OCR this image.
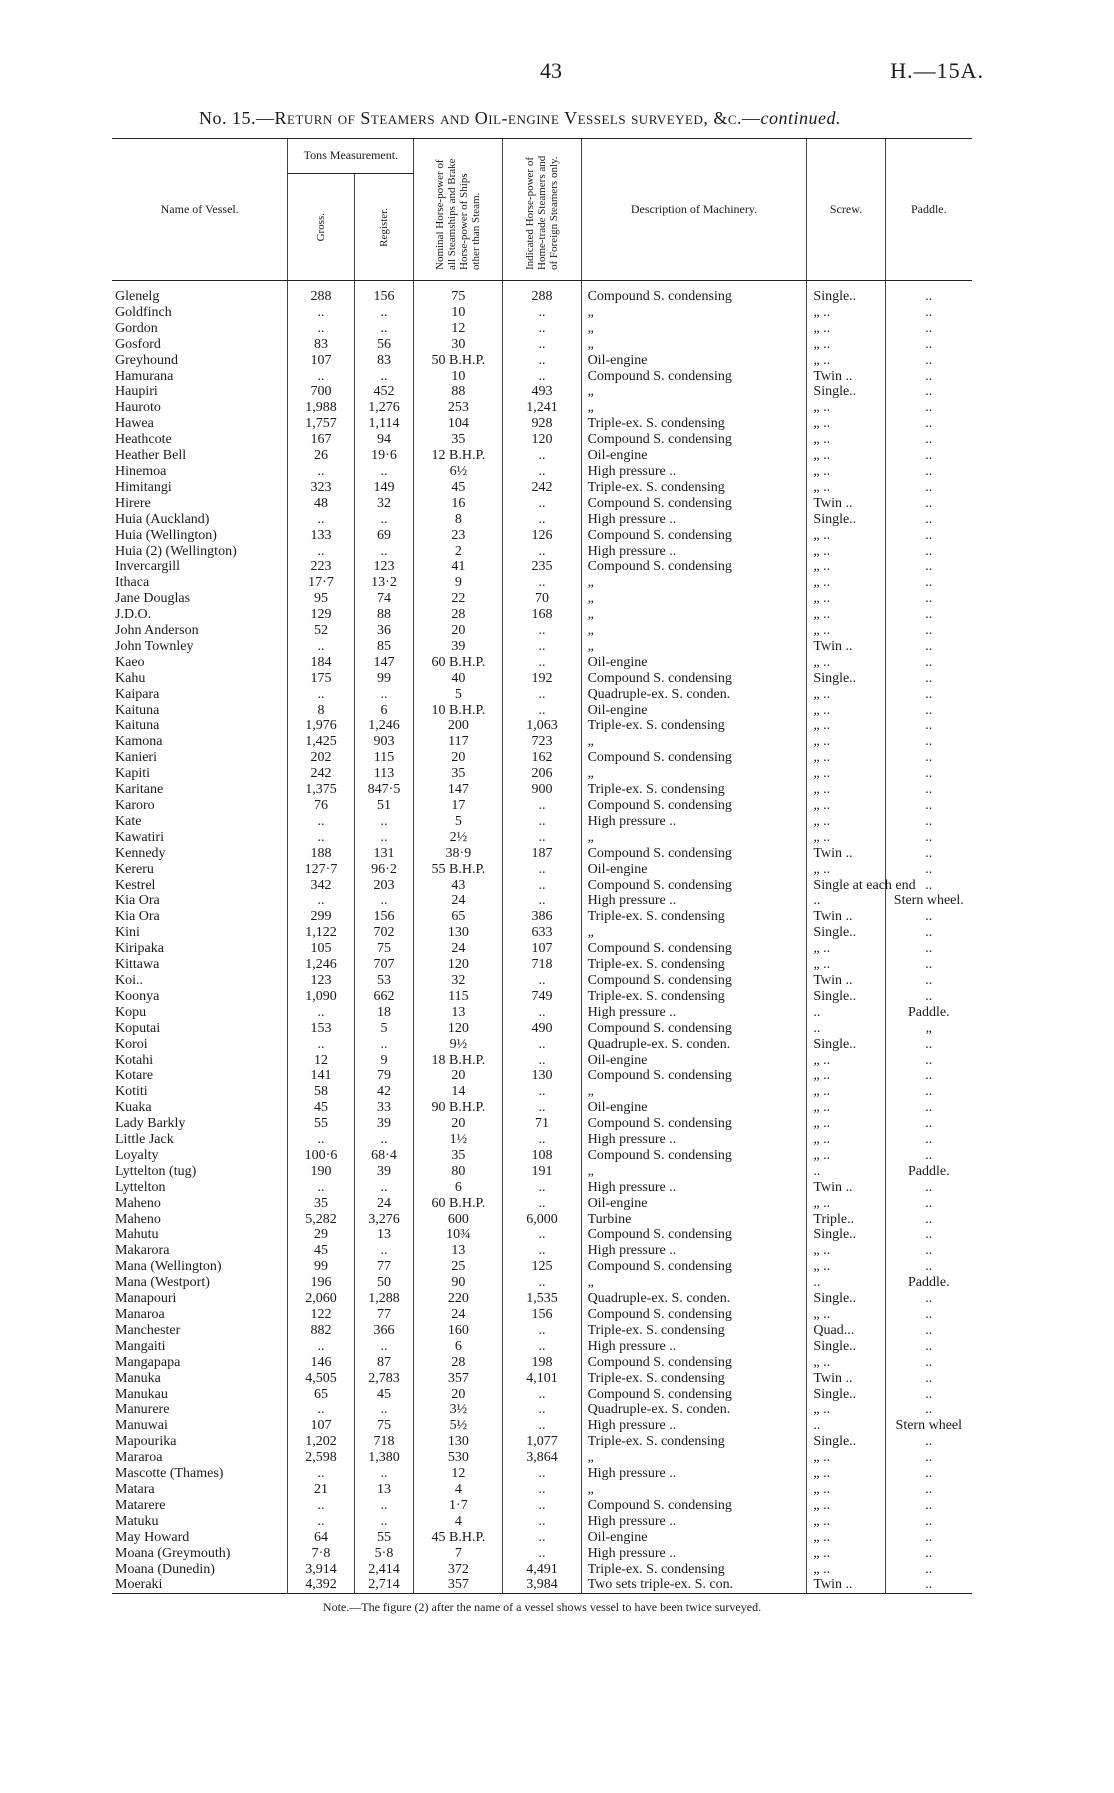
43	H.—15A.
No. 15.—Return of Steamers and Oil-engine Vessels surveyed, &c.—continued.
Name of Vessel.	Tons Measurement.		Nominal Horse-power of all Steamships and Brake Horse-power of Ships other than Steam.	Indicated Horse-power of Home-trade Steamers and of Foreign Steamers only.	Description of Machinery.	Screw.	Paddle.

	Gross.	Register.					

Glenelg	288	156	75	288	Compound S. condensing	Single..	..
Goldfinch	..	..	10	..	„	„ ..	..
Gordon	..	..	12	..	„	„ ..	..
Gosford	83	56	30	..	„	„ ..	..
Greyhound	107	83	50 B.H.P.	..	Oil-engine	„ ..	..
Hamurana	..	..	10	..	Compound S. condensing	Twin ..	..
Haupiri	700	452	88	493	„	Single..	..
Hauroto	1,988	1,276	253	1,241	„	„ ..	..
Hawea	1,757	1,114	104	928	Triple-ex. S. condensing	„ ..	..
Heathcote	167	94	35	120	Compound S. condensing	„ ..	..
Heather Bell	26	19·6	12 B.H.P.	..	Oil-engine	„ ..	..
Hinemoa	..	..	6½	..	High pressure ..	„ ..	..
Himitangi	323	149	45	242	Triple-ex. S. condensing	„ ..	..
Hirere	48	32	16	..	Compound S. condensing	Twin ..	..
Huia (Auckland)	..	..	8	..	High pressure ..	Single..	..
Huia (Wellington)	133	69	23	126	Compound S. condensing	„ ..	..
Huia (2) (Wellington)	..	..	2	..	High pressure ..	„ ..	..
Invercargill	223	123	41	235	Compound S. condensing	„ ..	..
Ithaca	17·7	13·2	9	..	„	„ ..	..
Jane Douglas	95	74	22	70	„	„ ..	..
J.D.O.	129	88	28	168	„	„ ..	..
John Anderson	52	36	20	..	„	„ ..	..
John Townley	..	85	39	..	„	Twin ..	..
Kaeo	184	147	60 B.H.P.	..	Oil-engine	„ ..	..
Kahu	175	99	40	192	Compound S. condensing	Single..	..
Kaipara	..	..	5	..	Quadruple-ex. S. conden.	„ ..	..
Kaituna	8	6	10 B.H.P.	..	Oil-engine	„ ..	..
Kaituna	1,976	1,246	200	1,063	Triple-ex. S. condensing	„ ..	..
Kamona	1,425	903	117	723	„	„ ..	..
Kanieri	202	115	20	162	Compound S. condensing	„ ..	..
Kapiti	242	113	35	206	„	„ ..	..
Karitane	1,375	847·5	147	900	Triple-ex. S. condensing	„ ..	..
Karoro	76	51	17	..	Compound S. condensing	„ ..	..
Kate	..	..	5	..	High pressure ..	„ ..	..
Kawatiri	..	..	2½	..	„	„ ..	..
Kennedy	188	131	38·9	187	Compound S. condensing	Twin ..	..
Kereru	127·7	96·2	55 B.H.P.	..	Oil-engine	„ ..	..
Kestrel	342	203	43	..	Compound S. condensing	Single at each end	..
Kia Ora	..	..	24	..	High pressure ..	..	Stern wheel.
Kia Ora	299	156	65	386	Triple-ex. S. condensing	Twin ..	..
Kini	1,122	702	130	633	„	Single..	..
Kiripaka	105	75	24	107	Compound S. condensing	„ ..	..
Kittawa	1,246	707	120	718	Triple-ex. S. condensing	„ ..	..
Koi..	123	53	32	..	Compound S. condensing	Twin ..	..
Koonya	1,090	662	115	749	Triple-ex. S. condensing	Single..	..
Kopu	..	18	13	..	High pressure ..	..	Paddle.
Koputai	153	5	120	490	Compound S. condensing	..	„
Koroi	..	..	9½	..	Quadruple-ex. S. conden.	Single..	..
Kotahi	12	9	18 B.H.P.	..	Oil-engine	„ ..	..
Kotare	141	79	20	130	Compound S. condensing	„ ..	..
Kotiti	58	42	14	..	„	„ ..	..
Kuaka	45	33	90 B.H.P.	..	Oil-engine	„ ..	..
Lady Barkly	55	39	20	71	Compound S. condensing	„ ..	..
Little Jack	..	..	1½	..	High pressure ..	„ ..	..
Loyalty	100·6	68·4	35	108	Compound S. condensing	„ ..	..
Lyttelton (tug)	190	39	80	191	„	..	Paddle.
Lyttelton	..	..	6	..	High pressure ..	Twin ..	..
Maheno	35	24	60 B.H.P.	..	Oil-engine	„ ..	..
Maheno	5,282	3,276	600	6,000	Turbine	Triple..	..
Mahutu	29	13	10¾	..	Compound S. condensing	Single..	..
Makarora	45	..	13	..	High pressure ..	„ ..	..
Mana (Wellington)	99	77	25	125	Compound S. condensing	„ ..	..
Mana (Westport)	196	50	90	..	„	..	Paddle.
Manapouri	2,060	1,288	220	1,535	Quadruple-ex. S. conden.	Single..	..
Manaroa	122	77	24	156	Compound S. condensing	„ ..	..
Manchester	882	366	160	..	Triple-ex. S. condensing	Quad...	..
Mangaiti	..	..	6	..	High pressure ..	Single..	..
Mangapapa	146	87	28	198	Compound S. condensing	„ ..	..
Manuka	4,505	2,783	357	4,101	Triple-ex. S. condensing	Twin ..	..
Manukau	65	45	20	..	Compound S. condensing	Single..	..
Manurere	..	..	3½	..	Quadruple-ex. S. conden.	„ ..	..
Manuwai	107	75	5½	..	High pressure ..	..	Stern wheel
Mapourika	1,202	718	130	1,077	Triple-ex. S. condensing	Single..	..
Mararoa	2,598	1,380	530	3,864	„	„ ..	..
Mascotte (Thames)	..	..	12	..	High pressure ..	„ ..	..
Matara	21	13	4	..	„	„ ..	..
Matarere	..	..	1·7	..	Compound S. condensing	„ ..	..
Matuku	..	..	4	..	High pressure ..	„ ..	..
May Howard	64	55	45 B.H.P.	..	Oil-engine	„ ..	..
Moana (Greymouth)	7·8	5·8	7	..	High pressure ..	„ ..	..
Moana (Dunedin)	3,914	2,414	372	4,491	Triple-ex. S. condensing	„ ..	..
Moeraki	4,392	2,714	357	3,984	Two sets triple-ex. S. con.	Twin ..	..
Note.—The figure (2) after the name of a vessel shows vessel to have been twice surveyed.							
